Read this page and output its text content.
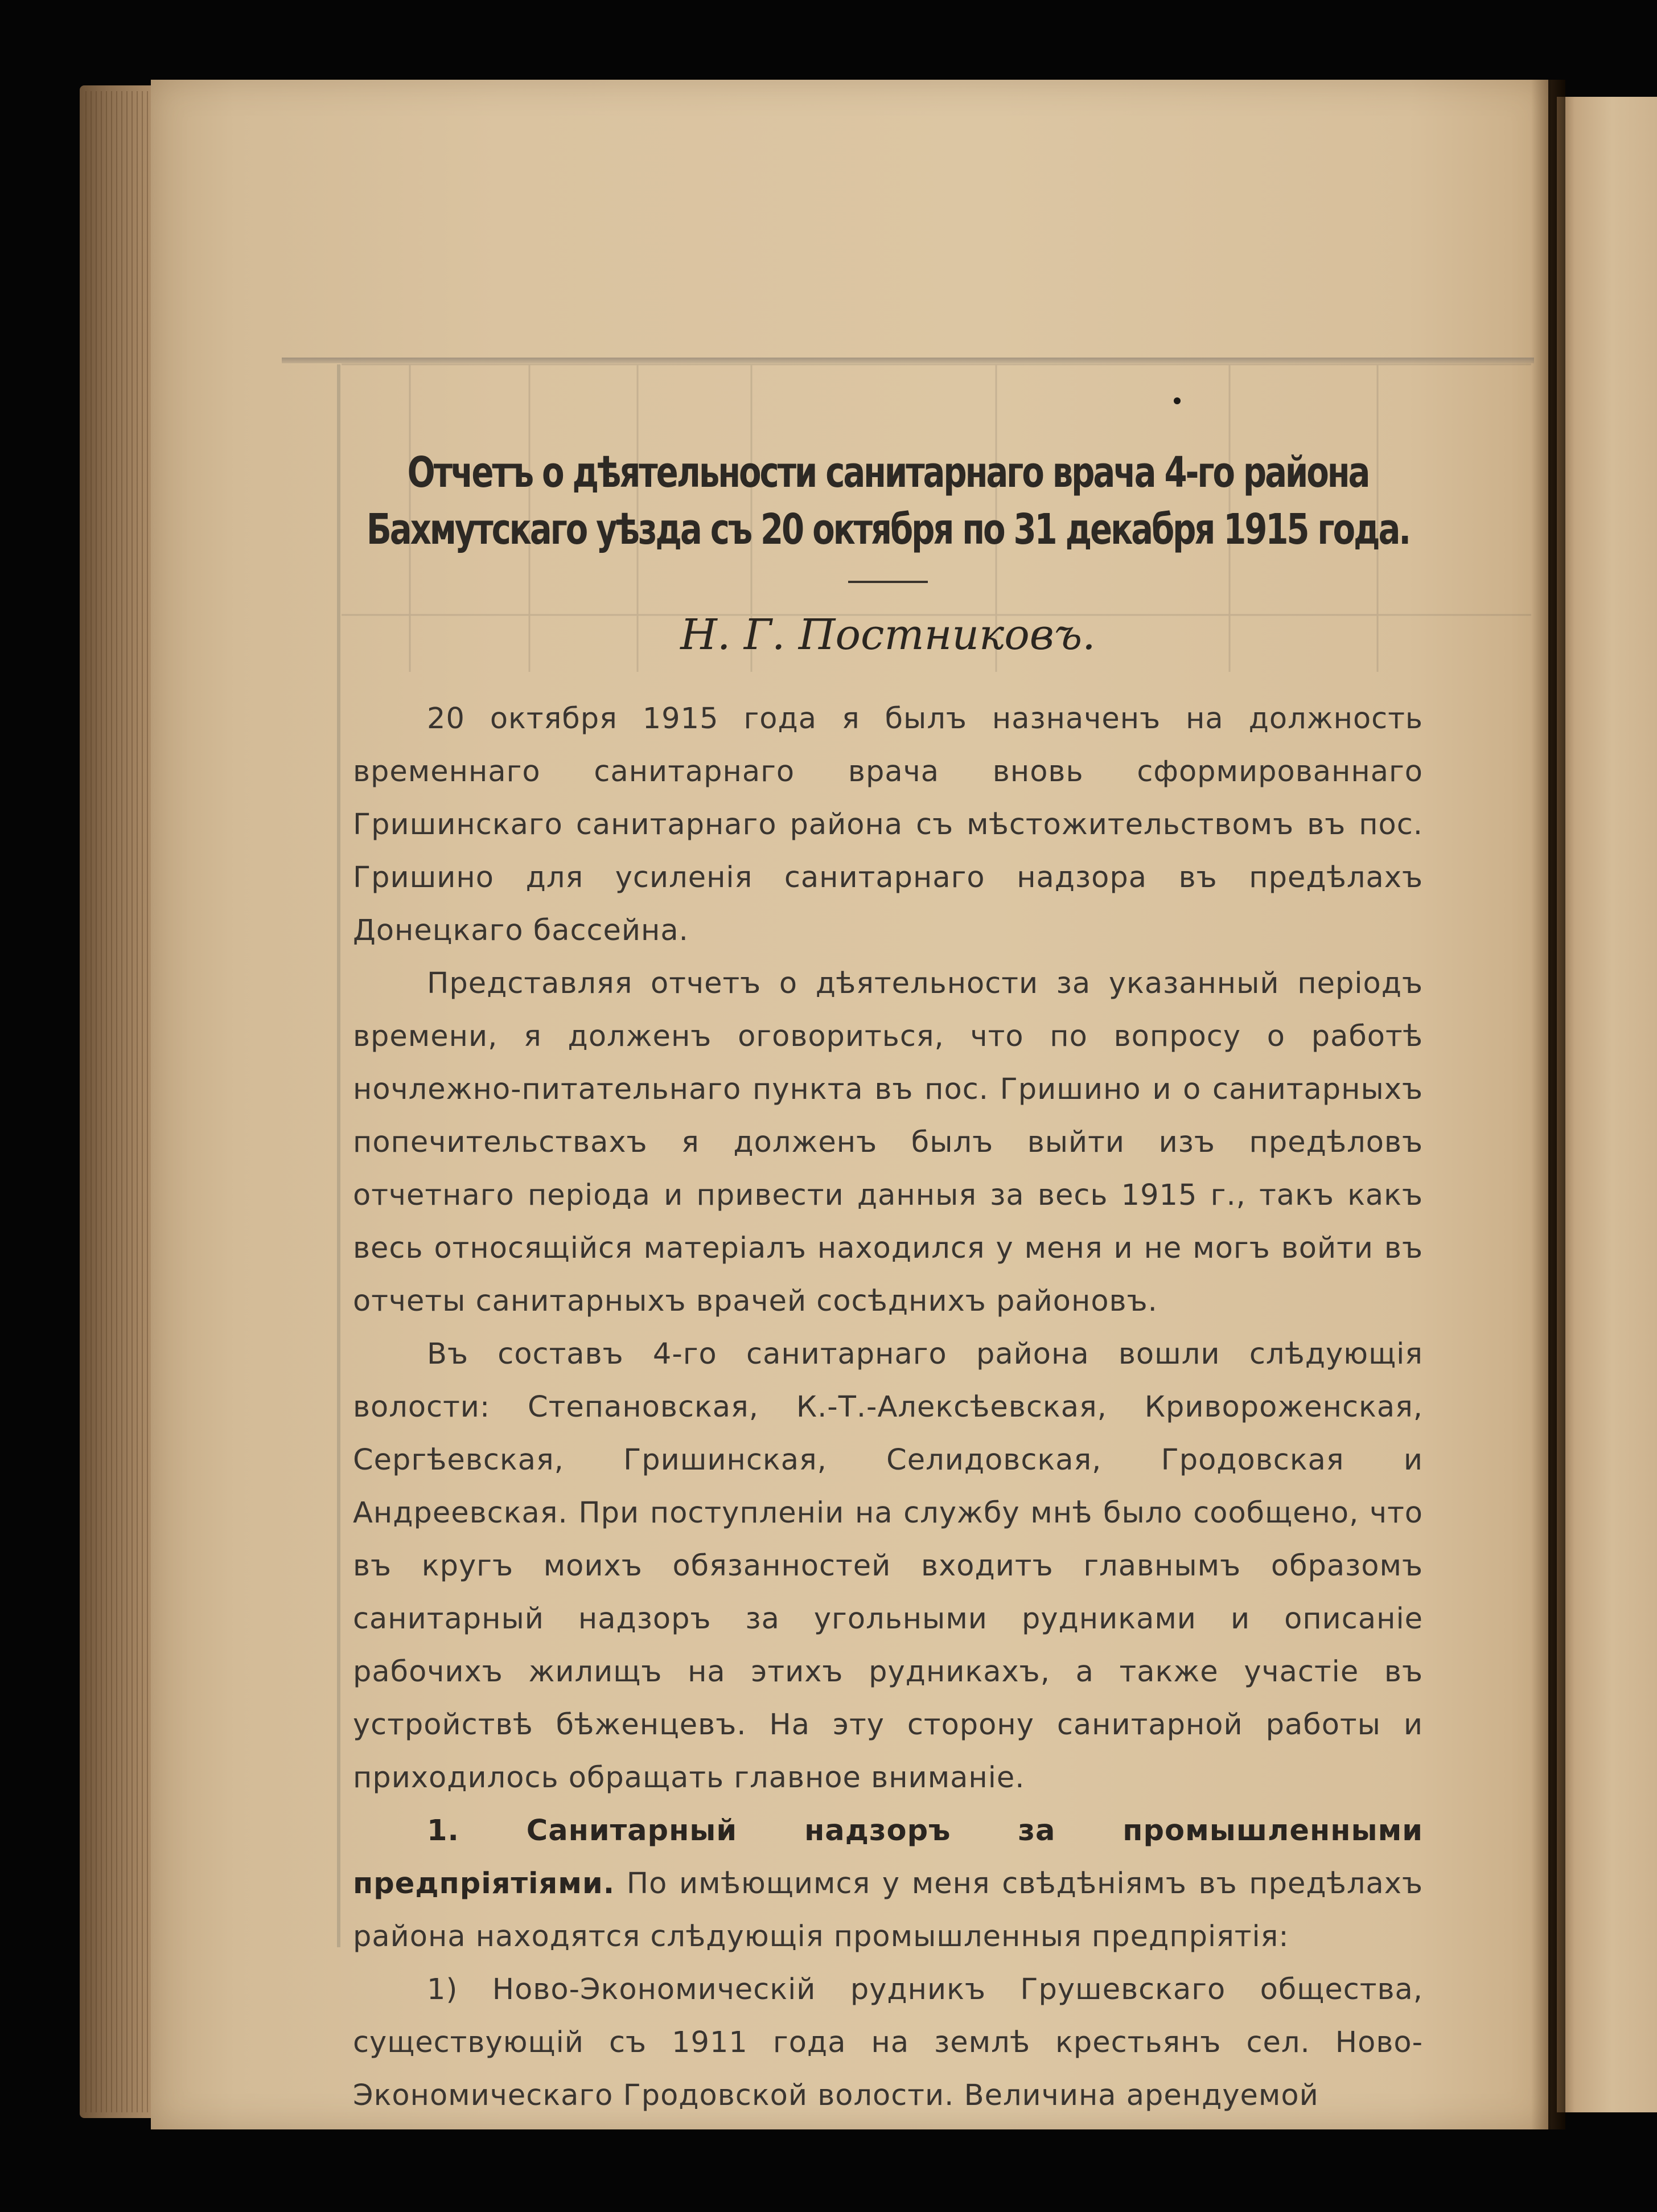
Отчетъ о дѣятельности санитарнаго врача 4-го района Бахмутскаго уѣзда съ 20 октября по 31 декабря 1915 года.
Н. Г. Постниковъ.

20 октября 1915 года я былъ назначенъ на должность временнаго санитарнаго врача вновь сформированнаго Гришинскаго санитарнаго района съ мѣстожительствомъ въ пос. Гришино для усиленія санитарнаго надзора въ предѣлахъ Донецкаго бассейна.

Представляя отчетъ о дѣятельности за указанный періодъ времени, я долженъ оговориться, что по вопросу о работѣ ночлежно-питательнаго пункта въ пос. Гришино и о санитарныхъ попечительствахъ я долженъ былъ выйти изъ предѣловъ отчетнаго періода и привести данныя за весь 1915 г., такъ какъ весь относящійся матеріалъ находился у меня и не могъ войти въ отчеты санитарныхъ врачей сосѣднихъ районовъ.

Въ составъ 4-го санитарнаго района вошли слѣдующія волости: Степановская, К.-Т.-Алексѣевская, Кривороженская, Сергѣевская, Гришинская, Селидовская, Гродовская и Андреевская. При поступленіи на службу мнѣ было сообщено, что въ кругъ моихъ обязанностей входитъ главнымъ образомъ санитарный надзоръ за угольными рудниками и описаніе рабочихъ жилищъ на этихъ рудникахъ, а также участіе въ устройствѣ бѣженцевъ. На эту сторону санитарной работы и приходилось обращать главное вниманіе.

1. Санитарный надзоръ за промышленными предпріятіями. По имѣющимся у меня свѣдѣніямъ въ предѣлахъ района находятся слѣдующія промышленныя предпріятія:

1) Ново-Экономическій рудникъ Грушевскаго общества, существующій съ 1911 года на землѣ крестьянъ сел. Ново-Экономическаго Гродовской волости. Величина арендуемой
